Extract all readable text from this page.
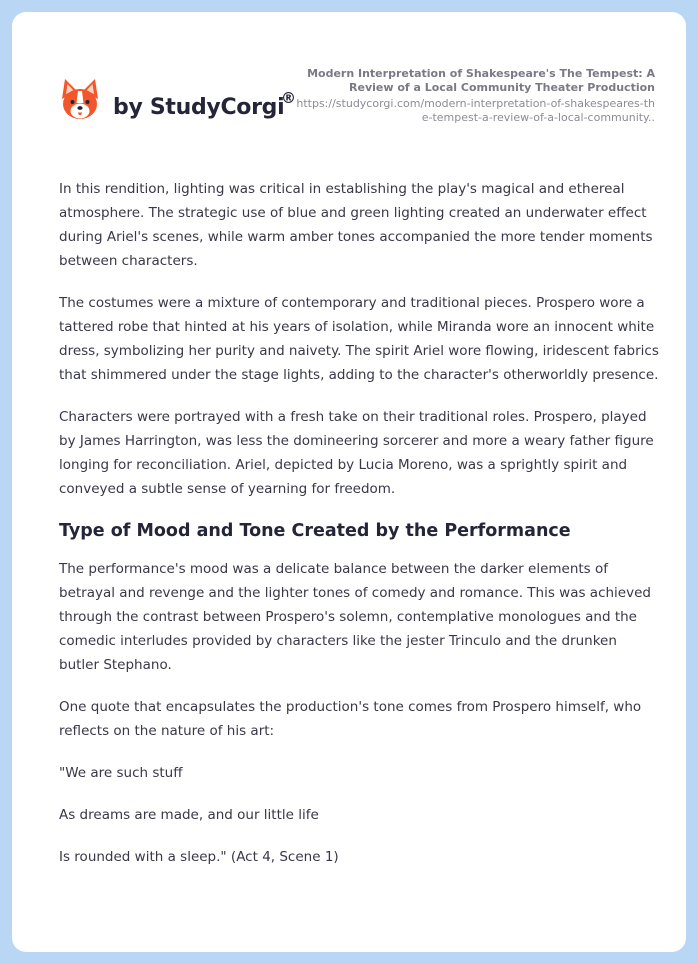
by StudyCorgi
®

Modern Interpretation of Shakespeare's The Tempest: A Review of a Local Community Theater Production

https://studycorgi.com/modern-interpretation-of-shakespeares-the-tempest-a-review-of-a-local-community..

In this rendition, lighting was critical in establishing the play's magical and ethereal atmosphere. The strategic use of blue and green lighting created an underwater effect during Ariel's scenes, while warm amber tones accompanied the more tender moments between characters.

The costumes were a mixture of contemporary and traditional pieces. Prospero wore a tattered robe that hinted at his years of isolation, while Miranda wore an innocent white dress, symbolizing her purity and naivety. The spirit Ariel wore flowing, iridescent fabrics that shimmered under the stage lights, adding to the character's otherworldly presence.

Characters were portrayed with a fresh take on their traditional roles. Prospero, played by James Harrington, was less the domineering sorcerer and more a weary father figure longing for reconciliation. Ariel, depicted by Lucia Moreno, was a sprightly spirit and conveyed a subtle sense of yearning for freedom.

Type of Mood and Tone Created by the Performance

The performance's mood was a delicate balance between the darker elements of betrayal and revenge and the lighter tones of comedy and romance. This was achieved through the contrast between Prospero's solemn, contemplative monologues and the comedic interludes provided by characters like the jester Trinculo and the drunken butler Stephano.

One quote that encapsulates the production's tone comes from Prospero himself, who reflects on the nature of his art:

"We are such stuff

As dreams are made, and our little life

Is rounded with a sleep." (Act 4, Scene 1)
